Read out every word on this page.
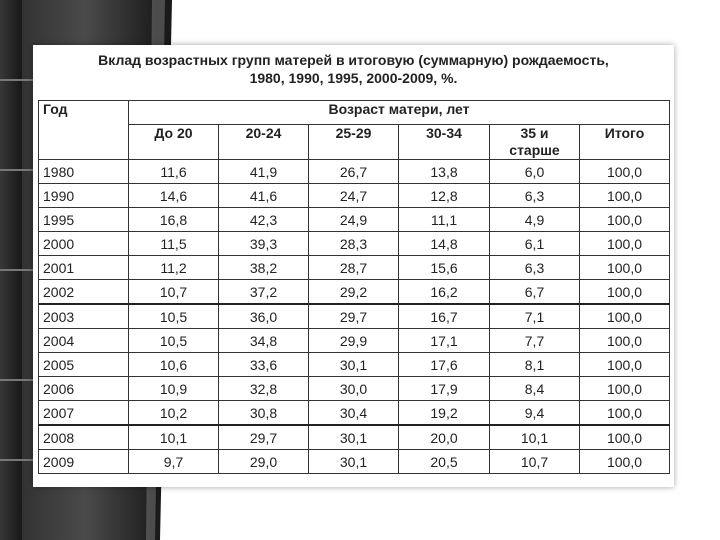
Вклад возрастных групп матерей в итоговую (суммарную) рождаемость,
1980, 1990, 1995, 2000-2009, %.
Год	Возраст матери, лет					
	До 20	20-24	25-29	30-34	35 и старше	Итого
1980	11,6	41,9	26,7	13,8	6,0	100,0
1990	14,6	41,6	24,7	12,8	6,3	100,0
1995	16,8	42,3	24,9	11,1	4,9	100,0
2000	11,5	39,3	28,3	14,8	6,1	100,0
2001	11,2	38,2	28,7	15,6	6,3	100,0
2002	10,7	37,2	29,2	16,2	6,7	100,0
2003	10,5	36,0	29,7	16,7	7,1	100,0
2004	10,5	34,8	29,9	17,1	7,7	100,0
2005	10,6	33,6	30,1	17,6	8,1	100,0
2006	10,9	32,8	30,0	17,9	8,4	100,0
2007	10,2	30,8	30,4	19,2	9,4	100,0
2008	10,1	29,7	30,1	20,0	10,1	100,0
2009	9,7	29,0	30,1	20,5	10,7	100,0
